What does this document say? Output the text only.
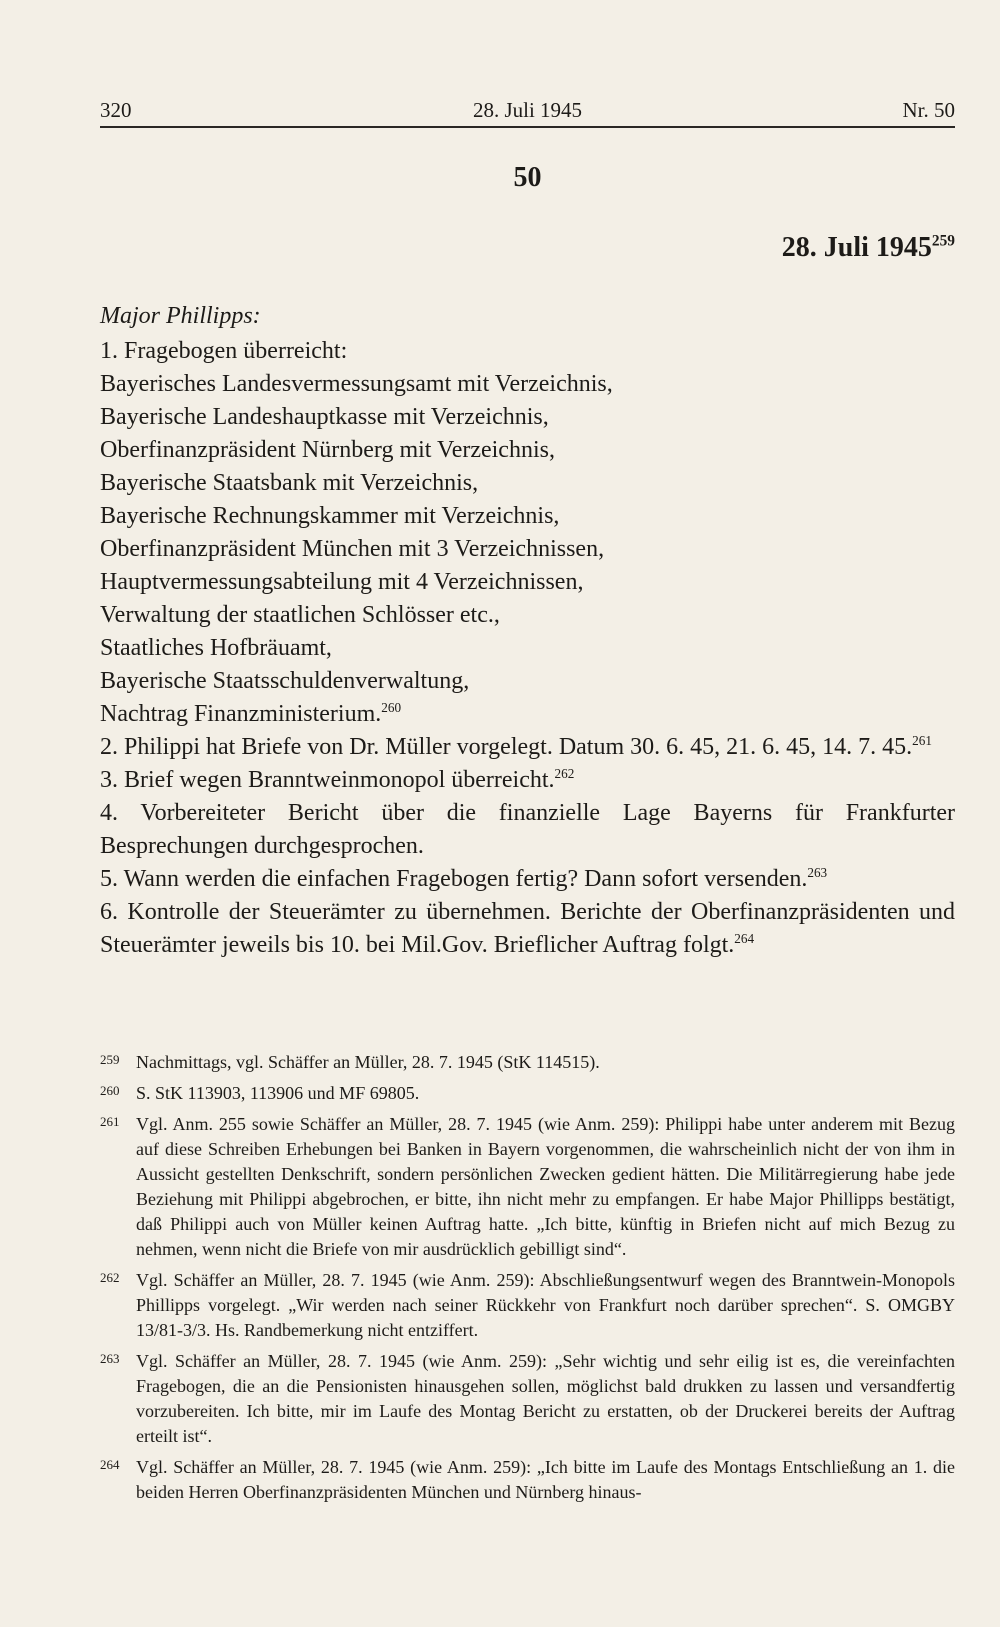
320	28. Juli 1945	Nr. 50
50
28. Juli 1945$^{259}$

Major Phillipps:

1. Fragebogen überreicht:

Bayerisches Landesvermessungsamt mit Verzeichnis,

Bayerische Landeshauptkasse mit Verzeichnis,

Oberfinanzpräsident Nürnberg mit Verzeichnis,

Bayerische Staatsbank mit Verzeichnis,

Bayerische Rechnungskammer mit Verzeichnis,

Oberfinanzpräsident München mit 3 Verzeichnissen,

Hauptvermessungsabteilung mit 4 Verzeichnissen,

Verwaltung der staatlichen Schlösser etc.,

Staatliches Hofbräuamt,

Bayerische Staatsschuldenverwaltung,

Nachtrag Finanzministerium.$^{260}$

2. Philippi hat Briefe von Dr. Müller vorgelegt. Datum 30. 6. 45, 21. 6. 45, 14. 7. 45.$^{261}$

3. Brief wegen Branntweinmonopol überreicht.$^{262}$

4. Vorbereiteter Bericht über die finanzielle Lage Bayerns für Frankfurter Besprechungen durchgesprochen.

5. Wann werden die einfachen Fragebogen fertig? Dann sofort versenden.$^{263}$

6. Kontrolle der Steuerämter zu übernehmen. Berichte der Oberfinanzpräsidenten und Steuerämter jeweils bis 10. bei Mil.Gov. Brieflicher Auftrag folgt.$^{264}$

259 Nachmittags, vgl. Schäffer an Müller, 28. 7. 1945 (StK 114515).

260 S. StK 113903, 113906 und MF 69805.

261 Vgl. Anm. 255 sowie Schäffer an Müller, 28. 7. 1945 (wie Anm. 259): Philippi habe unter anderem mit Bezug auf diese Schreiben Erhebungen bei Banken in Bayern vorgenommen, die wahrscheinlich nicht der von ihm in Aussicht gestellten Denkschrift, sondern persönlichen Zwecken gedient hätten. Die Militärregierung habe jede Beziehung mit Philippi abgebrochen, er bitte, ihn nicht mehr zu empfangen. Er habe Major Phillipps bestätigt, daß Philippi auch von Müller keinen Auftrag hatte. „Ich bitte, künftig in Briefen nicht auf mich Bezug zu nehmen, wenn nicht die Briefe von mir ausdrücklich gebilligt sind“.

262 Vgl. Schäffer an Müller, 28. 7. 1945 (wie Anm. 259): Abschließungsentwurf wegen des Branntwein-Monopols Phillipps vorgelegt. „Wir werden nach seiner Rückkehr von Frankfurt noch darüber sprechen“. S. OMGBY 13/81-3/3. Hs. Randbemerkung nicht entziffert.

263 Vgl. Schäffer an Müller, 28. 7. 1945 (wie Anm. 259): „Sehr wichtig und sehr eilig ist es, die vereinfachten Fragebogen, die an die Pensionisten hinausgehen sollen, möglichst bald drukken zu lassen und versandfertig vorzubereiten. Ich bitte, mir im Laufe des Montag Bericht zu erstatten, ob der Druckerei bereits der Auftrag erteilt ist“.

264 Vgl. Schäffer an Müller, 28. 7. 1945 (wie Anm. 259): „Ich bitte im Laufe des Montags Entschließung an 1. die beiden Herren Oberfinanzpräsidenten München und Nürnberg hinaus-
